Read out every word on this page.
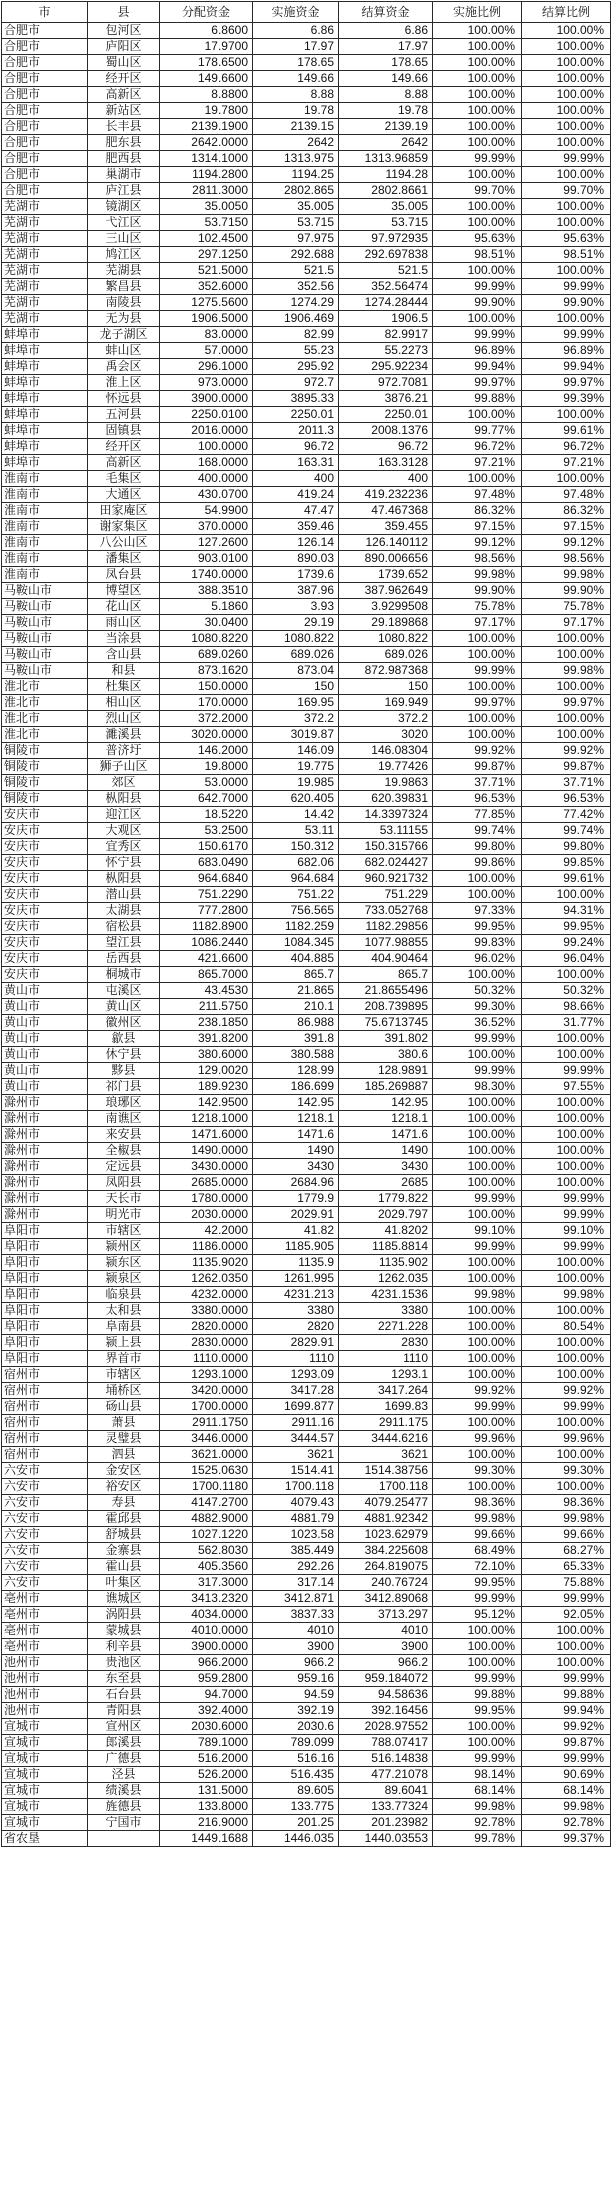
市	县	分配资金	实施资金	结算资金	实施比例	结算比例
合肥市	包河区	6.8600	6.86	6.86	100.00%	100.00%
合肥市	庐阳区	17.9700	17.97	17.97	100.00%	100.00%
合肥市	蜀山区	178.6500	178.65	178.65	100.00%	100.00%
合肥市	经开区	149.6600	149.66	149.66	100.00%	100.00%
合肥市	高新区	8.8800	8.88	8.88	100.00%	100.00%
合肥市	新站区	19.7800	19.78	19.78	100.00%	100.00%
合肥市	长丰县	2139.1900	2139.15	2139.19	100.00%	100.00%
合肥市	肥东县	2642.0000	2642	2642	100.00%	100.00%
合肥市	肥西县	1314.1000	1313.975	1313.96859	99.99%	99.99%
合肥市	巢湖市	1194.2800	1194.25	1194.28	100.00%	100.00%
合肥市	庐江县	2811.3000	2802.865	2802.8661	99.70%	99.70%
芜湖市	镜湖区	35.0050	35.005	35.005	100.00%	100.00%
芜湖市	弋江区	53.7150	53.715	53.715	100.00%	100.00%
芜湖市	三山区	102.4500	97.975	97.972935	95.63%	95.63%
芜湖市	鸠江区	297.1250	292.688	292.697838	98.51%	98.51%
芜湖市	芜湖县	521.5000	521.5	521.5	100.00%	100.00%
芜湖市	繁昌县	352.6000	352.56	352.56474	99.99%	99.99%
芜湖市	南陵县	1275.5600	1274.29	1274.28444	99.90%	99.90%
芜湖市	无为县	1906.5000	1906.469	1906.5	100.00%	100.00%
蚌埠市	龙子湖区	83.0000	82.99	82.9917	99.99%	99.99%
蚌埠市	蚌山区	57.0000	55.23	55.2273	96.89%	96.89%
蚌埠市	禹会区	296.1000	295.92	295.92234	99.94%	99.94%
蚌埠市	淮上区	973.0000	972.7	972.7081	99.97%	99.97%
蚌埠市	怀远县	3900.0000	3895.33	3876.21	99.88%	99.39%
蚌埠市	五河县	2250.0100	2250.01	2250.01	100.00%	100.00%
蚌埠市	固镇县	2016.0000	2011.3	2008.1376	99.77%	99.61%
蚌埠市	经开区	100.0000	96.72	96.72	96.72%	96.72%
蚌埠市	高新区	168.0000	163.31	163.3128	97.21%	97.21%
淮南市	毛集区	400.0000	400	400	100.00%	100.00%
淮南市	大通区	430.0700	419.24	419.232236	97.48%	97.48%
淮南市	田家庵区	54.9900	47.47	47.467368	86.32%	86.32%
淮南市	谢家集区	370.0000	359.46	359.455	97.15%	97.15%
淮南市	八公山区	127.2600	126.14	126.140112	99.12%	99.12%
淮南市	潘集区	903.0100	890.03	890.006656	98.56%	98.56%
淮南市	凤台县	1740.0000	1739.6	1739.652	99.98%	99.98%
马鞍山市	博望区	388.3510	387.96	387.962649	99.90%	99.90%
马鞍山市	花山区	5.1860	3.93	3.9299508	75.78%	75.78%
马鞍山市	雨山区	30.0400	29.19	29.189868	97.17%	97.17%
马鞍山市	当涂县	1080.8220	1080.822	1080.822	100.00%	100.00%
马鞍山市	含山县	689.0260	689.026	689.026	100.00%	100.00%
马鞍山市	和县	873.1620	873.04	872.987368	99.99%	99.98%
淮北市	杜集区	150.0000	150	150	100.00%	100.00%
淮北市	相山区	170.0000	169.95	169.949	99.97%	99.97%
淮北市	烈山区	372.2000	372.2	372.2	100.00%	100.00%
淮北市	濉溪县	3020.0000	3019.87	3020	100.00%	100.00%
铜陵市	普济圩	146.2000	146.09	146.08304	99.92%	99.92%
铜陵市	狮子山区	19.8000	19.775	19.77426	99.87%	99.87%
铜陵市	郊区	53.0000	19.985	19.9863	37.71%	37.71%
铜陵市	枞阳县	642.7000	620.405	620.39831	96.53%	96.53%
安庆市	迎江区	18.5220	14.42	14.3397324	77.85%	77.42%
安庆市	大观区	53.2500	53.11	53.11155	99.74%	99.74%
安庆市	宜秀区	150.6170	150.312	150.315766	99.80%	99.80%
安庆市	怀宁县	683.0490	682.06	682.024427	99.86%	99.85%
安庆市	枞阳县	964.6840	964.684	960.921732	100.00%	99.61%
安庆市	潜山县	751.2290	751.22	751.229	100.00%	100.00%
安庆市	太湖县	777.2800	756.565	733.052768	97.33%	94.31%
安庆市	宿松县	1182.8900	1182.259	1182.29856	99.95%	99.95%
安庆市	望江县	1086.2440	1084.345	1077.98855	99.83%	99.24%
安庆市	岳西县	421.6600	404.885	404.90464	96.02%	96.04%
安庆市	桐城市	865.7000	865.7	865.7	100.00%	100.00%
黄山市	屯溪区	43.4530	21.865	21.8655496	50.32%	50.32%
黄山市	黄山区	211.5750	210.1	208.739895	99.30%	98.66%
黄山市	徽州区	238.1850	86.988	75.6713745	36.52%	31.77%
黄山市	歙县	391.8200	391.8	391.802	99.99%	100.00%
黄山市	休宁县	380.6000	380.588	380.6	100.00%	100.00%
黄山市	黟县	129.0020	128.99	128.9891	99.99%	99.99%
黄山市	祁门县	189.9230	186.699	185.269887	98.30%	97.55%
滁州市	琅琊区	142.9500	142.95	142.95	100.00%	100.00%
滁州市	南谯区	1218.1000	1218.1	1218.1	100.00%	100.00%
滁州市	来安县	1471.6000	1471.6	1471.6	100.00%	100.00%
滁州市	全椒县	1490.0000	1490	1490	100.00%	100.00%
滁州市	定远县	3430.0000	3430	3430	100.00%	100.00%
滁州市	凤阳县	2685.0000	2684.96	2685	100.00%	100.00%
滁州市	天长市	1780.0000	1779.9	1779.822	99.99%	99.99%
滁州市	明光市	2030.0000	2029.91	2029.797	100.00%	99.99%
阜阳市	市辖区	42.2000	41.82	41.8202	99.10%	99.10%
阜阳市	颍州区	1186.0000	1185.905	1185.8814	99.99%	99.99%
阜阳市	颍东区	1135.9020	1135.9	1135.902	100.00%	100.00%
阜阳市	颍泉区	1262.0350	1261.995	1262.035	100.00%	100.00%
阜阳市	临泉县	4232.0000	4231.213	4231.1536	99.98%	99.98%
阜阳市	太和县	3380.0000	3380	3380	100.00%	100.00%
阜阳市	阜南县	2820.0000	2820	2271.228	100.00%	80.54%
阜阳市	颍上县	2830.0000	2829.91	2830	100.00%	100.00%
阜阳市	界首市	1110.0000	1110	1110	100.00%	100.00%
宿州市	市辖区	1293.1000	1293.09	1293.1	100.00%	100.00%
宿州市	埇桥区	3420.0000	3417.28	3417.264	99.92%	99.92%
宿州市	砀山县	1700.0000	1699.877	1699.83	99.99%	99.99%
宿州市	萧县	2911.1750	2911.16	2911.175	100.00%	100.00%
宿州市	灵璧县	3446.0000	3444.57	3444.6216	99.96%	99.96%
宿州市	泗县	3621.0000	3621	3621	100.00%	100.00%
六安市	金安区	1525.0630	1514.41	1514.38756	99.30%	99.30%
六安市	裕安区	1700.1180	1700.118	1700.118	100.00%	100.00%
六安市	寿县	4147.2700	4079.43	4079.25477	98.36%	98.36%
六安市	霍邱县	4882.9000	4881.79	4881.92342	99.98%	99.98%
六安市	舒城县	1027.1220	1023.58	1023.62979	99.66%	99.66%
六安市	金寨县	562.8030	385.449	384.225608	68.49%	68.27%
六安市	霍山县	405.3560	292.26	264.819075	72.10%	65.33%
六安市	叶集区	317.3000	317.14	240.76724	99.95%	75.88%
亳州市	谯城区	3413.2320	3412.871	3412.89068	99.99%	99.99%
亳州市	涡阳县	4034.0000	3837.33	3713.297	95.12%	92.05%
亳州市	蒙城县	4010.0000	4010	4010	100.00%	100.00%
亳州市	利辛县	3900.0000	3900	3900	100.00%	100.00%
池州市	贵池区	966.2000	966.2	966.2	100.00%	100.00%
池州市	东至县	959.2800	959.16	959.184072	99.99%	99.99%
池州市	石台县	94.7000	94.59	94.58636	99.88%	99.88%
池州市	青阳县	392.4000	392.19	392.16456	99.95%	99.94%
宣城市	宣州区	2030.6000	2030.6	2028.97552	100.00%	99.92%
宣城市	郎溪县	789.1000	789.099	788.07417	100.00%	99.87%
宣城市	广德县	516.2000	516.16	516.14838	99.99%	99.99%
宣城市	泾县	526.2000	516.435	477.21078	98.14%	90.69%
宣城市	绩溪县	131.5000	89.605	89.6041	68.14%	68.14%
宣城市	旌德县	133.8000	133.775	133.77324	99.98%	99.98%
宣城市	宁国市	216.9000	201.25	201.23982	92.78%	92.78%
省农垦		1449.1688	1446.035	1440.03553	99.78%	99.37%
